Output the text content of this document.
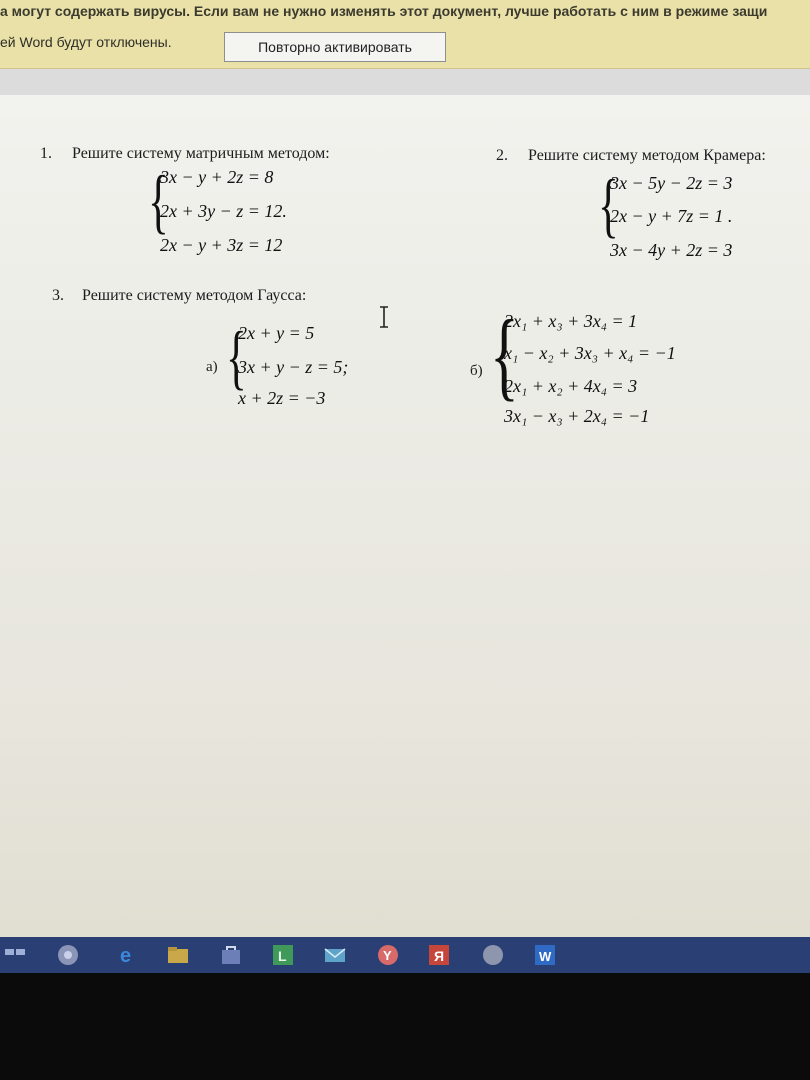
а могут содержать вирусы. Если вам не нужно изменять этот документ, лучше работать с ним в режиме защи
ей Word будут отключены.	Повторно активировать
1. Решите систему матричным методом:
{
3x − y + 2z = 8
2x + 3y − z = 12.
2x − y + 3z = 12
2. Решите систему методом Крамера:
{
3x − 5y − 2z = 3
2x − y + 7z = 1 .
3x − 4y + 2z = 3
3. Решите систему методом Гаусса:
а) {
2x + y = 5
3x + y − z = 5;
x + 2z = −3
б) {
2x₁ + x₃ + 3x₄ = 1
x₁ − x₂ + 3x₃ + x₄ = −1
2x₁ + x₂ + 4x₄ = 3
3x₁ − x₃ + 2x₄ = −1
e	L	Y	Я	W
